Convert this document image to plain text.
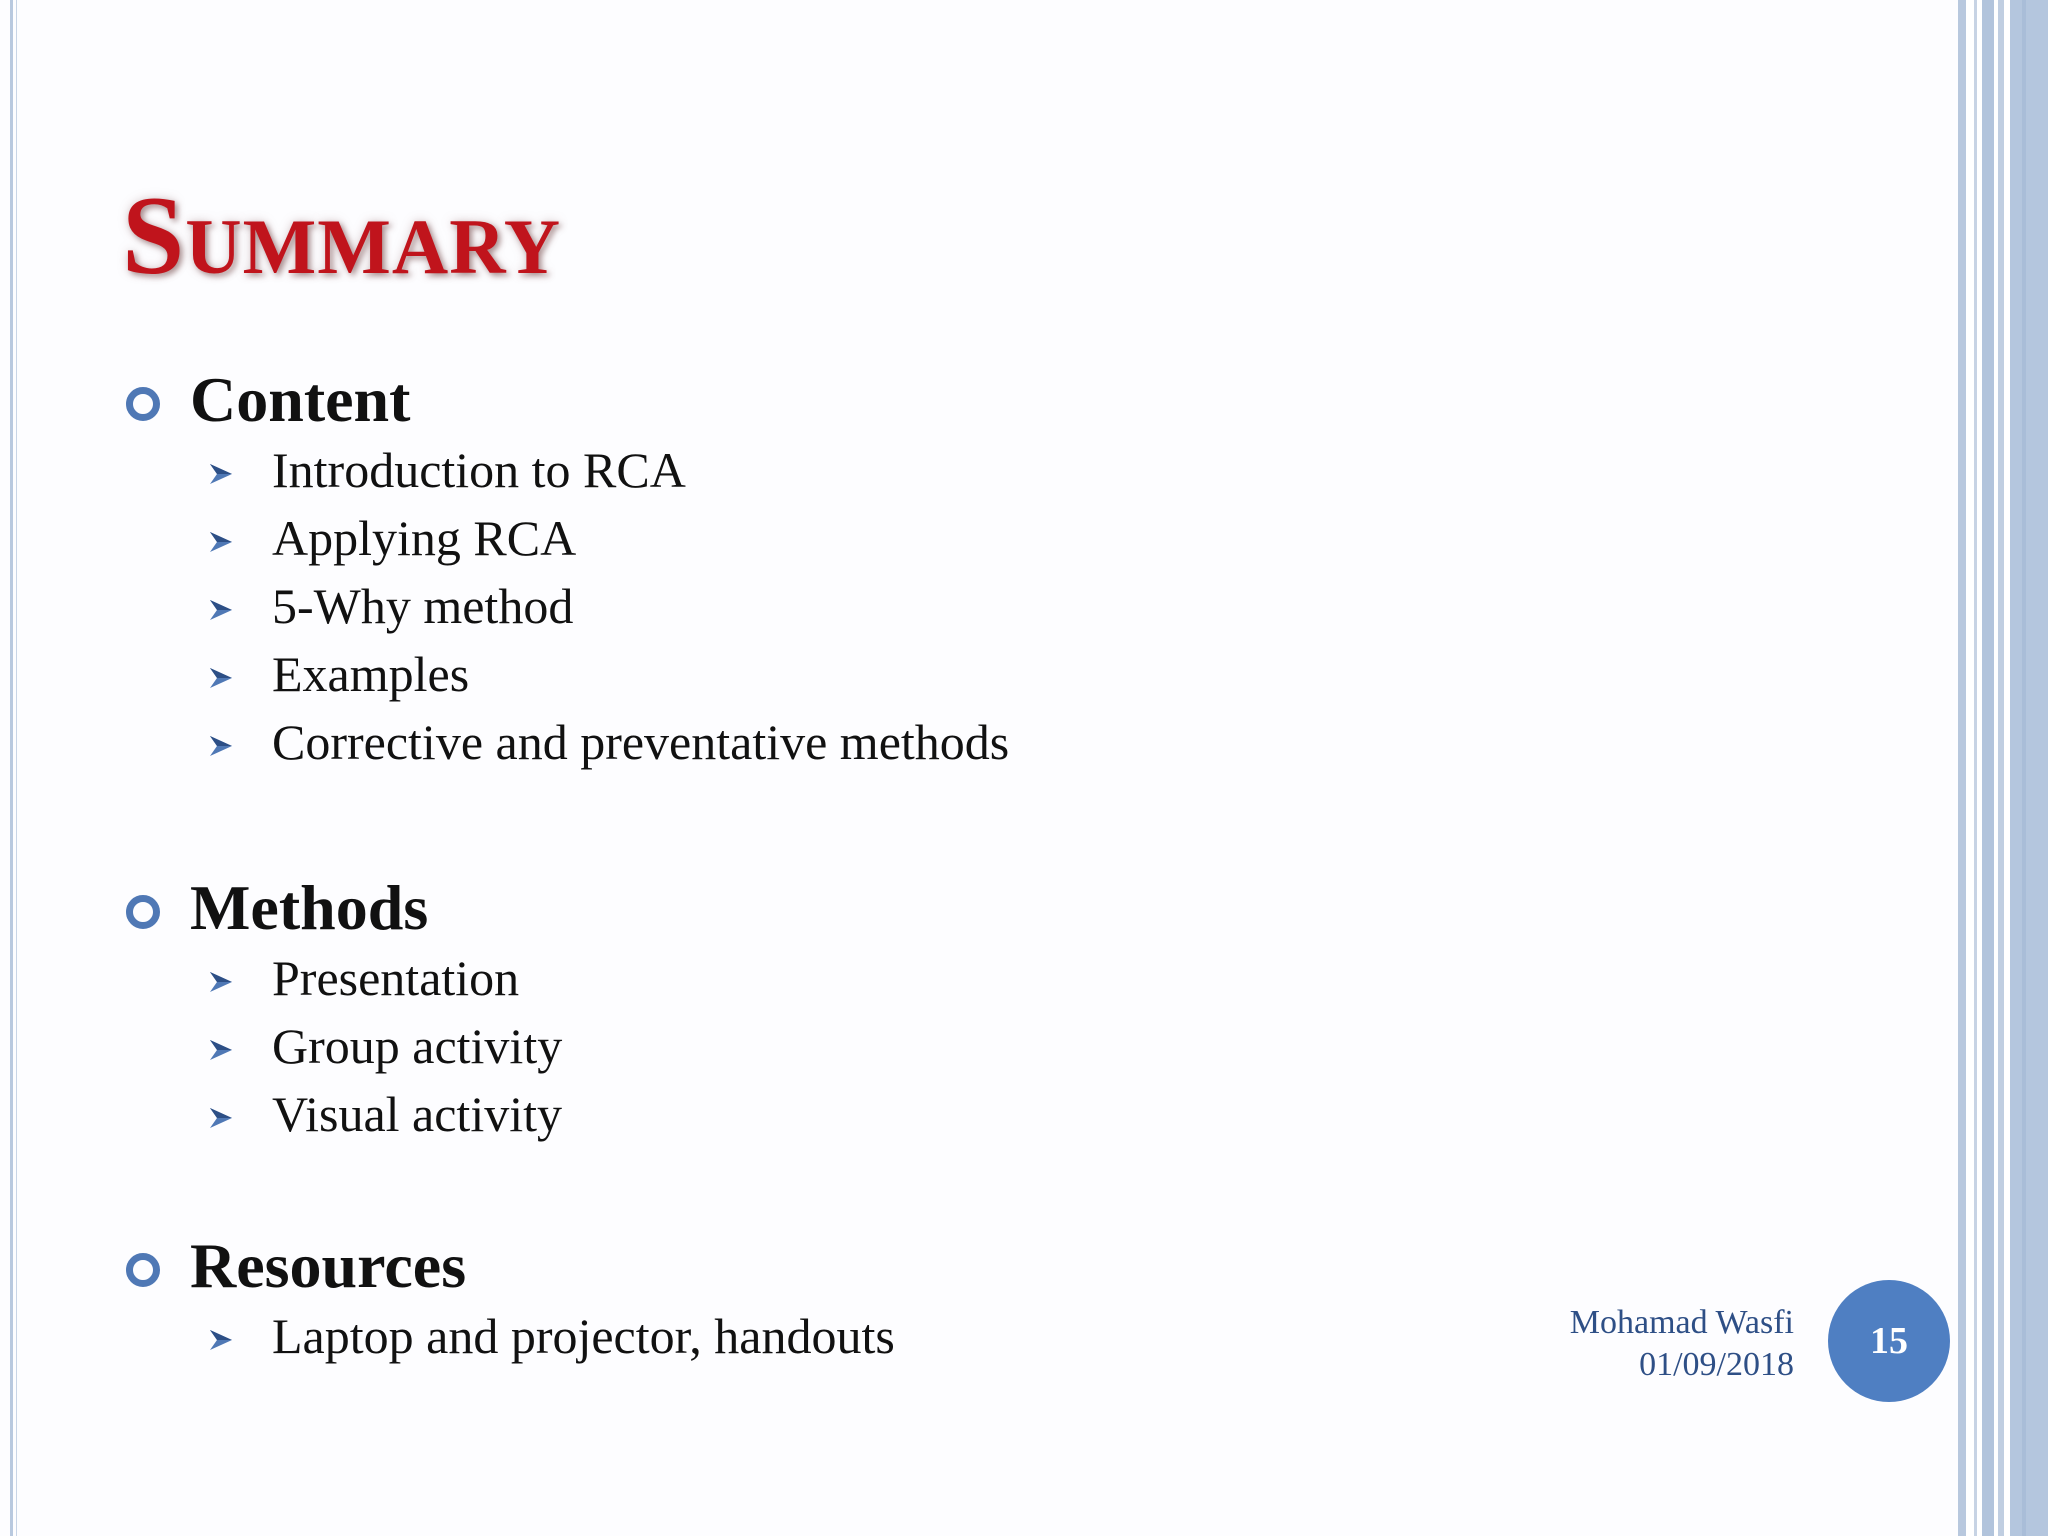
Summary
Content
Introduction to RCA
Applying RCA
5-Why method
Examples
Corrective and preventative methods
Methods
Presentation
Group activity
Visual activity
Resources
Laptop and projector, handouts	Mohamad Wasfi
01/09/2018
15
